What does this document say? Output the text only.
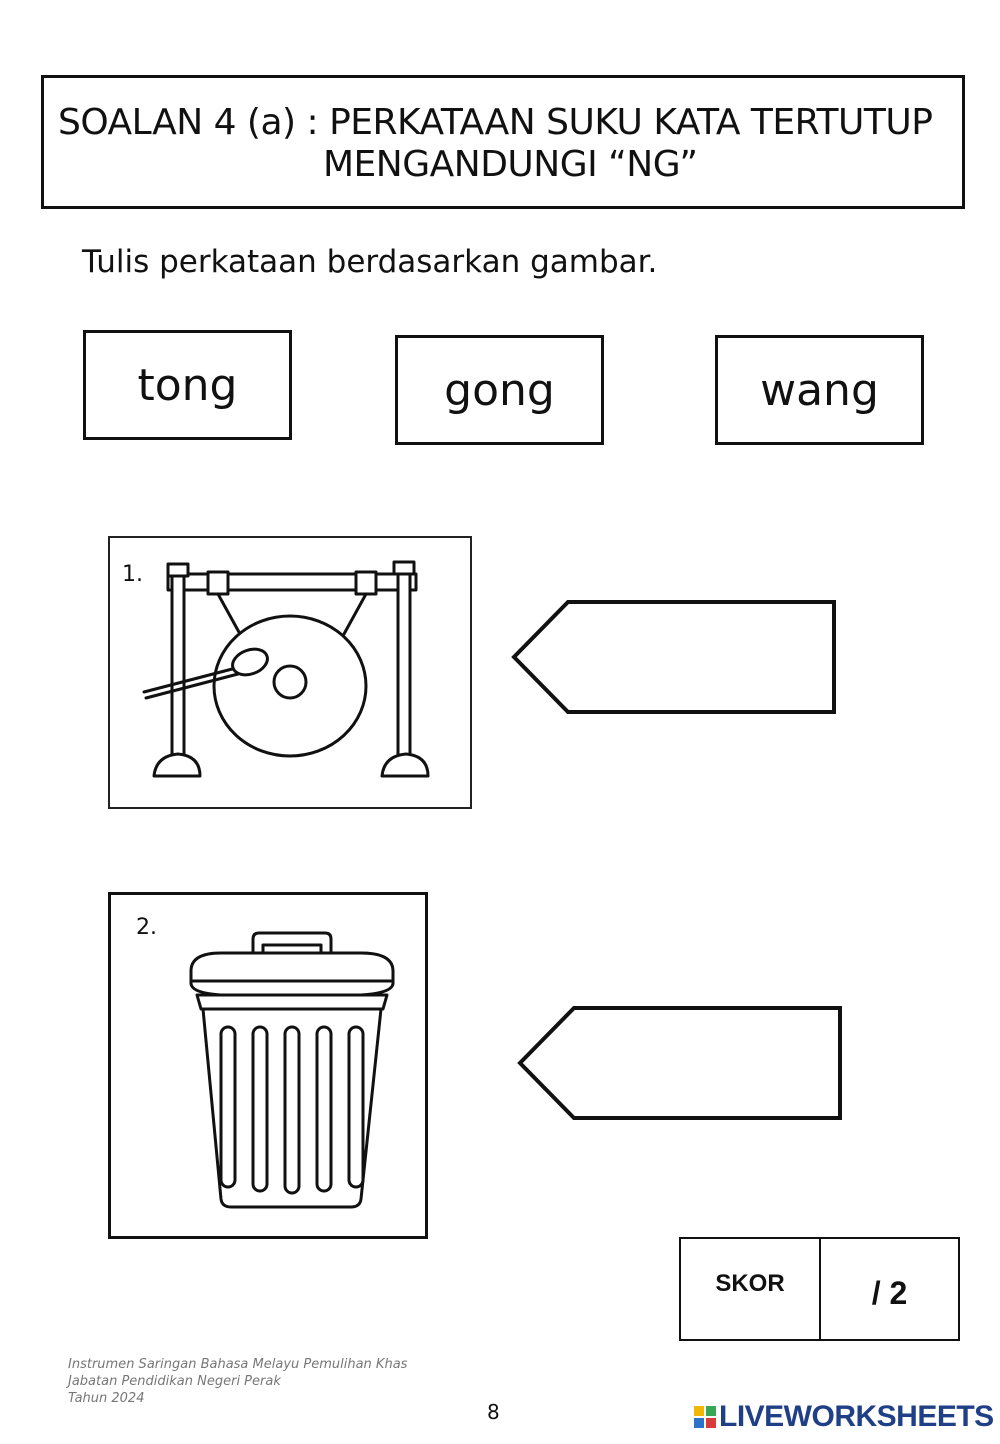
SOALAN 4 (a) : PERKATAAN SUKU KATA TERTUTUP
MENGANDUNGI “NG”
Tulis perkataan berdasarkan gambar.
tong	gong	wang
1.
2.
SKOR	/ 2
Instrumen Saringan Bahasa Melayu Pemulihan Khas
Jabatan Pendidikan Negeri Perak
Tahun 2024
8	LIVEWORKSHEETS
